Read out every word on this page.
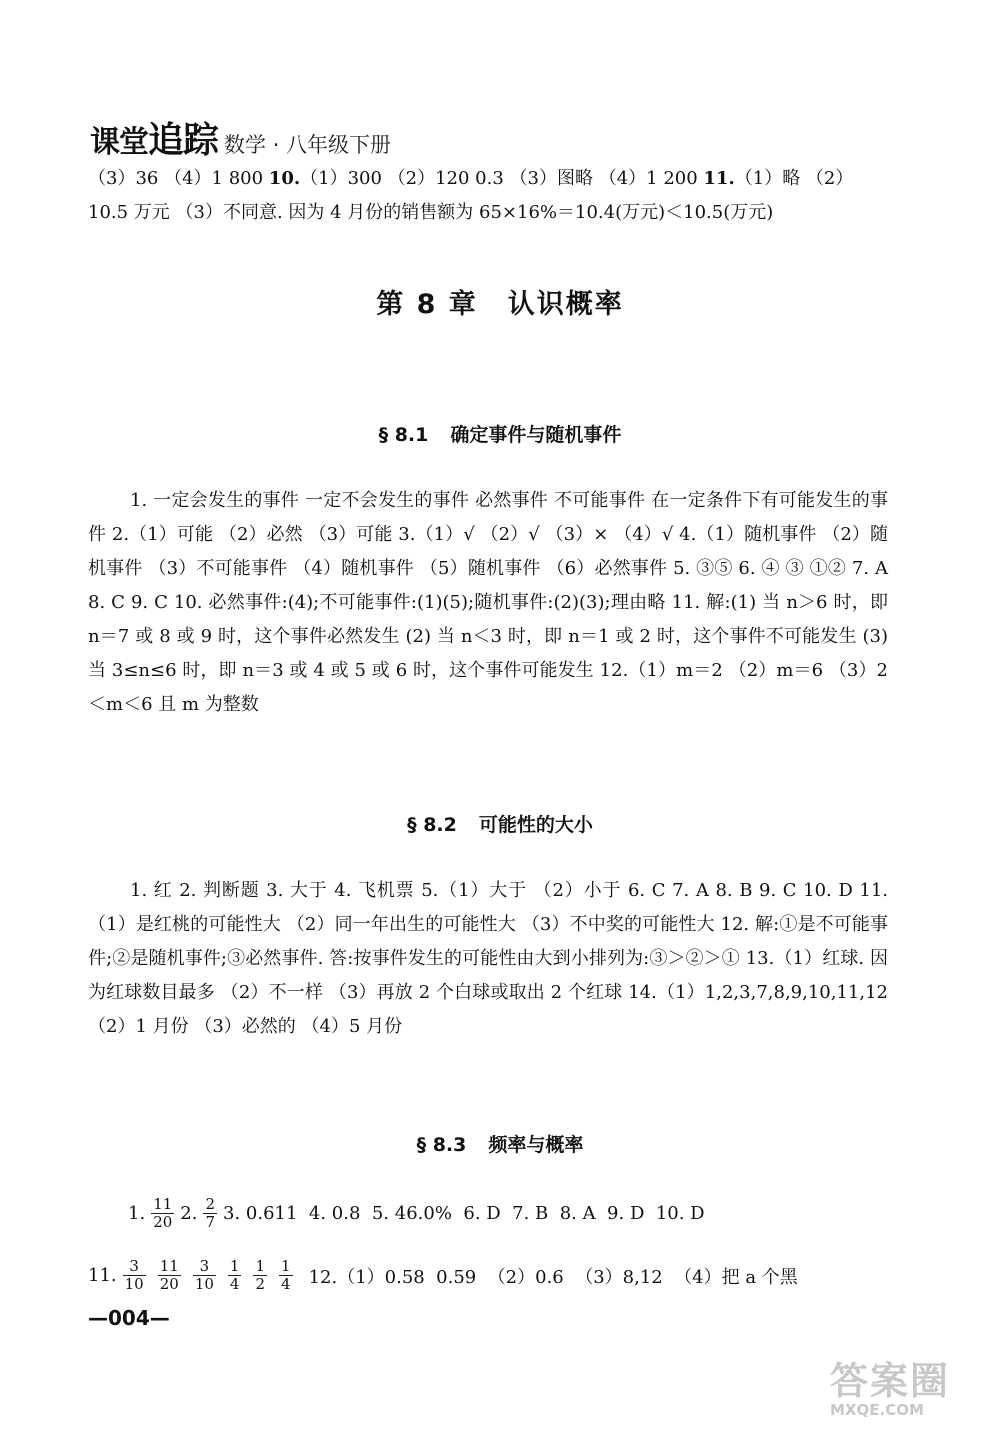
课堂追踪 数学 · 八年级下册
（3）36 （4）1 800 10.（1）300 （2）120 0.3 （3）图略 （4）1 200 11.（1）略 （2）
10.5 万元 （3）不同意. 因为 4 月份的销售额为 65×16%＝10.4(万元)＜10.5(万元)
第 8 章 认识概率
§ 8.1 确定事件与随机事件
1. 一定会发生的事件 一定不会发生的事件 必然事件 不可能事件 在一定条件下有可能发生的事件 2.（1）可能 （2）必然 （3）可能 3.（1）√ （2）√ （3）× （4）√ 4.（1）随机事件 （2）随机事件 （3）不可能事件 （4）随机事件 （5）随机事件 （6）必然事件 5. ③⑤ 6. ④ ③ ①② 7. A 8. C 9. C 10. 必然事件:(4);不可能事件:(1)(5);随机事件:(2)(3);理由略 11. 解:(1) 当 n＞6 时，即 n＝7 或 8 或 9 时，这个事件必然发生 (2) 当 n＜3 时，即 n＝1 或 2 时，这个事件不可能发生 (3) 当 3≤n≤6 时，即 n＝3 或 4 或 5 或 6 时，这个事件可能发生 12.（1）m＝2 （2）m＝6 （3）2＜m＜6 且 m 为整数
§ 8.2 可能性的大小
1. 红 2. 判断题 3. 大于 4. 飞机票 5.（1）大于 （2）小于 6. C 7. A 8. B 9. C 10. D 11.（1）是红桃的可能性大 （2）同一年出生的可能性大 （3）不中奖的可能性大 12. 解:①是不可能事件;②是随机事件;③必然事件. 答:按事件发生的可能性由大到小排列为:③＞②＞① 13.（1）红球. 因为红球数目最多 （2）不一样 （3）再放 2 个白球或取出 2 个红球 14.（1）1,2,3,7,8,9,10,11,12 （2）1 月份 （3）必然的 （4）5 月份
§ 8.3 频率与概率
1. $\frac{11}{20} 2$. $\frac{2}{7} 3$. 0.611  4. 0.8  5. 46.0%  6. D  7. B  8. A  9. D  10. D
11. $\frac{3}{10} \frac{11}{20} \frac{3}{10} \frac{1}{4} \frac{1}{2} \frac{1}{4} 12.(1)0.58$  0.59  （2）0.6  （3）8,12  （4）把 a 个黑
—004—
答案圈
MXQE.COM
